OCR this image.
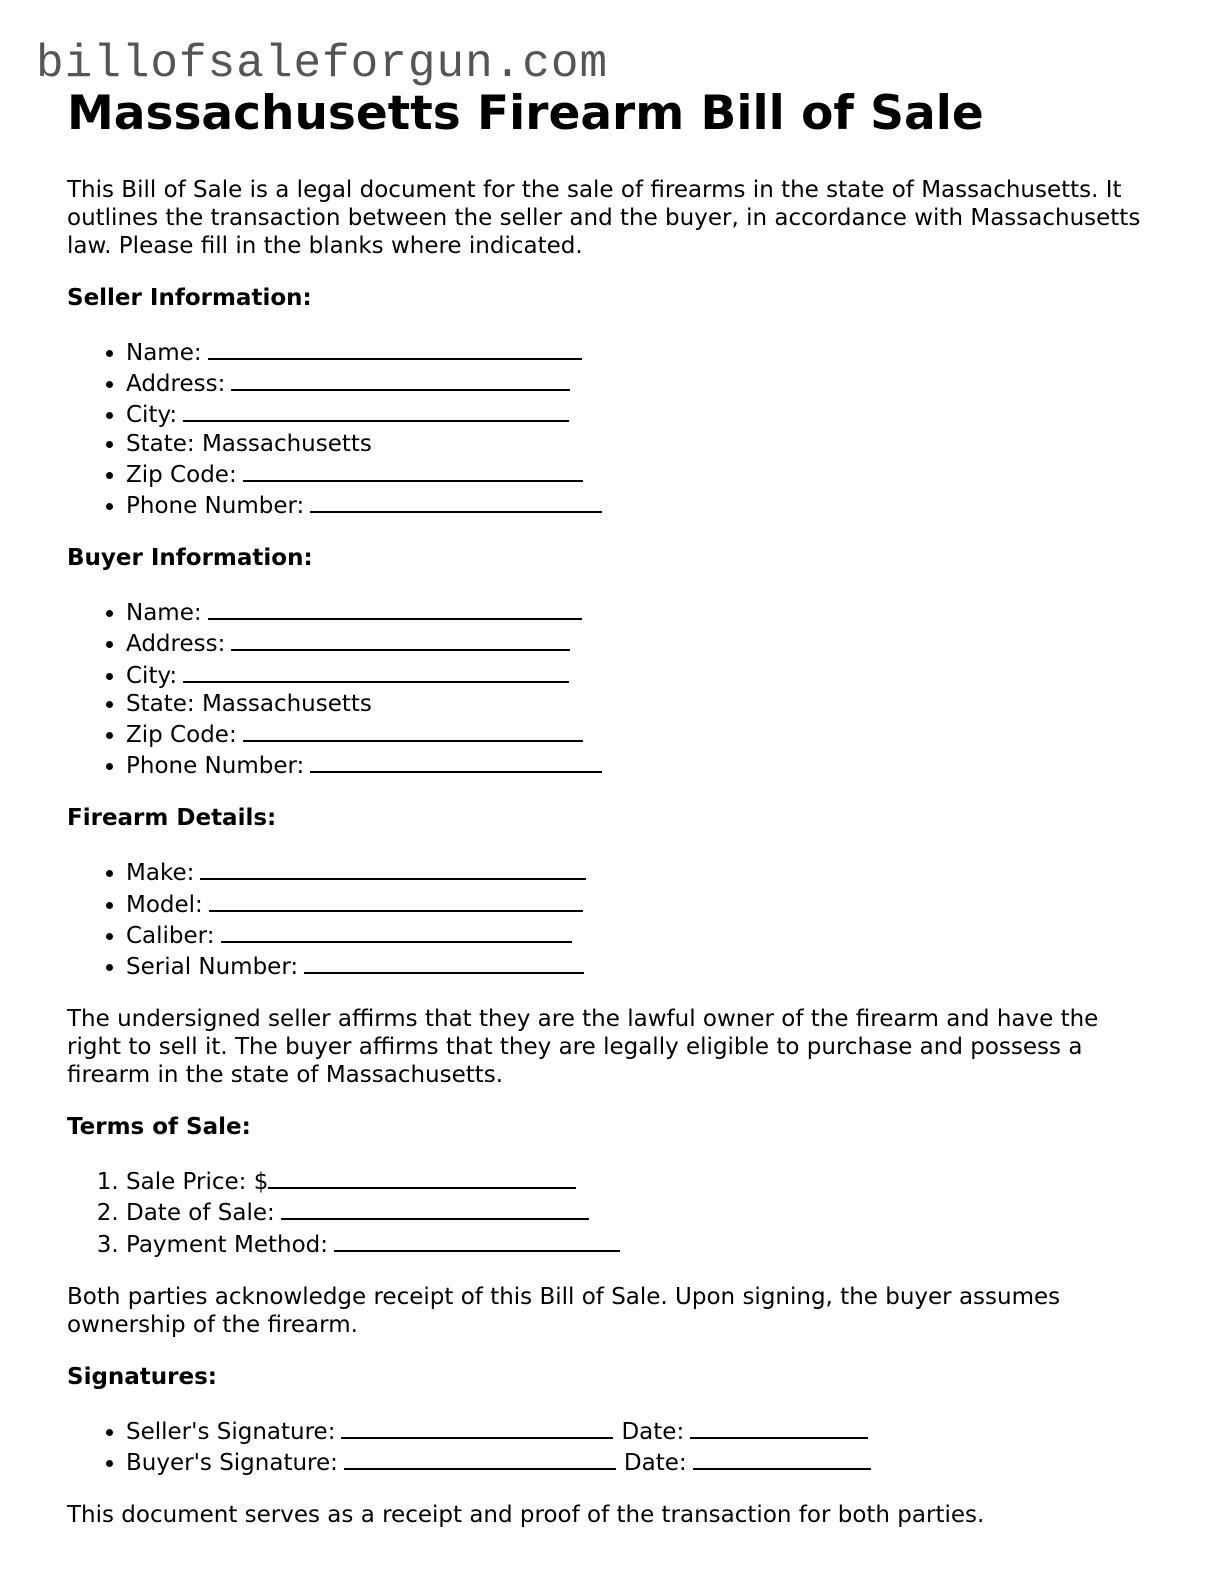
billofsaleforgun.com
Massachusetts Firearm Bill of Sale

This Bill of Sale is a legal document for the sale of firearms in the state of Massachusetts. It outlines the transaction between the seller and the buyer, in accordance with Massachusetts law. Please fill in the blanks where indicated.

Seller Information:
• Name:
• Address:
• City:
• State: Massachusetts
• Zip Code:
• Phone Number:
Buyer Information:
• Name:
• Address:
• City:
• State: Massachusetts
• Zip Code:
• Phone Number:
Firearm Details:
• Make:
• Model:
• Caliber:
• Serial Number:

The undersigned seller affirms that they are the lawful owner of the firearm and have the right to sell it. The buyer affirms that they are legally eligible to purchase and possess a firearm in the state of Massachusetts.

Terms of Sale:
1. Sale Price: $
2. Date of Sale:
3. Payment Method:

Both parties acknowledge receipt of this Bill of Sale. Upon signing, the buyer assumes ownership of the firearm.

Signatures:
• Seller's Signature:	Date:
• Buyer's Signature:	Date:

This document serves as a receipt and proof of the transaction for both parties.
